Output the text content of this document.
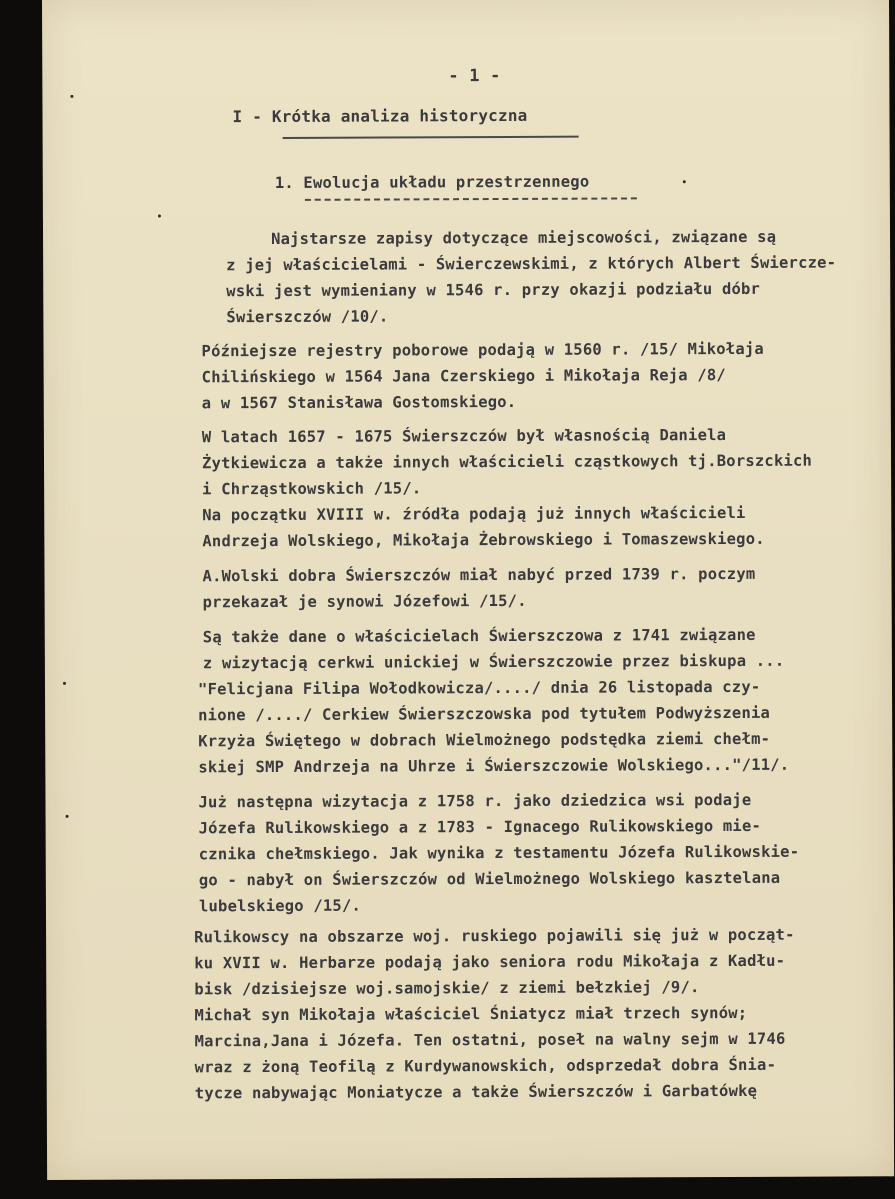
- 1 -
I - Krótka analiza historyczna
1. Ewolucja układu przestrzennego
Najstarsze zapisy dotyczące miejscowości, związane są
z jej właścicielami - Świerczewskimi, z których Albert Świercze-
wski jest wymieniany w 1546 r. przy okazji podziału dóbr
Świerszczów /10/.
Późniejsze rejestry poborowe podają w 1560 r. /15/ Mikołaja
Chilińskiego w 1564 Jana Czerskiego i Mikołaja Reja /8/
a w 1567 Stanisława Gostomskiego.
W latach 1657 - 1675 Świerszczów był własnością Daniela
Żytkiewicza a także innych właścicieli cząstkowych tj.Borszckich
i Chrząstkowskich /15/.
Na początku XVIII w. źródła podają już innych właścicieli
Andrzeja Wolskiego, Mikołaja Żebrowskiego i Tomaszewskiego.
A.Wolski dobra Świerszczów miał nabyć przed 1739 r. poczym
przekazał je synowi Józefowi /15/.
Są także dane o właścicielach Świerszczowa z 1741 związane
z wizytacją cerkwi unickiej w Świerszczowie przez biskupa ...
"Felicjana Filipa Wołodkowicza/..../ dnia 26 listopada czy-
nione /..../ Cerkiew Świerszczowska pod tytułem Podwyższenia
Krzyża Świętego w dobrach Wielmożnego podstędka ziemi chełm-
skiej SMP Andrzeja na Uhrze i Świerszczowie Wolskiego..."/11/.
Już następna wizytacja z 1758 r. jako dziedzica wsi podaje
Józefa Rulikowskiego a z 1783 - Ignacego Rulikowskiego mie-
cznika chełmskiego. Jak wynika z testamentu Józefa Rulikowskie-
go - nabył on Świerszczów od Wielmożnego Wolskiego kasztelana
lubelskiego /15/.
Rulikowscy na obszarze woj. ruskiego pojawili się już w począt-
ku XVII w. Herbarze podają jako seniora rodu Mikołaja z Kadłu-
bisk /dzisiejsze woj.samojskie/ z ziemi bełzkiej /9/.
Michał syn Mikołaja właściciel Śniatycz miał trzech synów;
Marcina,Jana i Józefa. Ten ostatni, poseł na walny sejm w 1746
wraz z żoną Teofilą z Kurdywanowskich, odsprzedał dobra Śnia-
tycze nabywając Moniatycze a także Świerszczów i Garbatówkę
